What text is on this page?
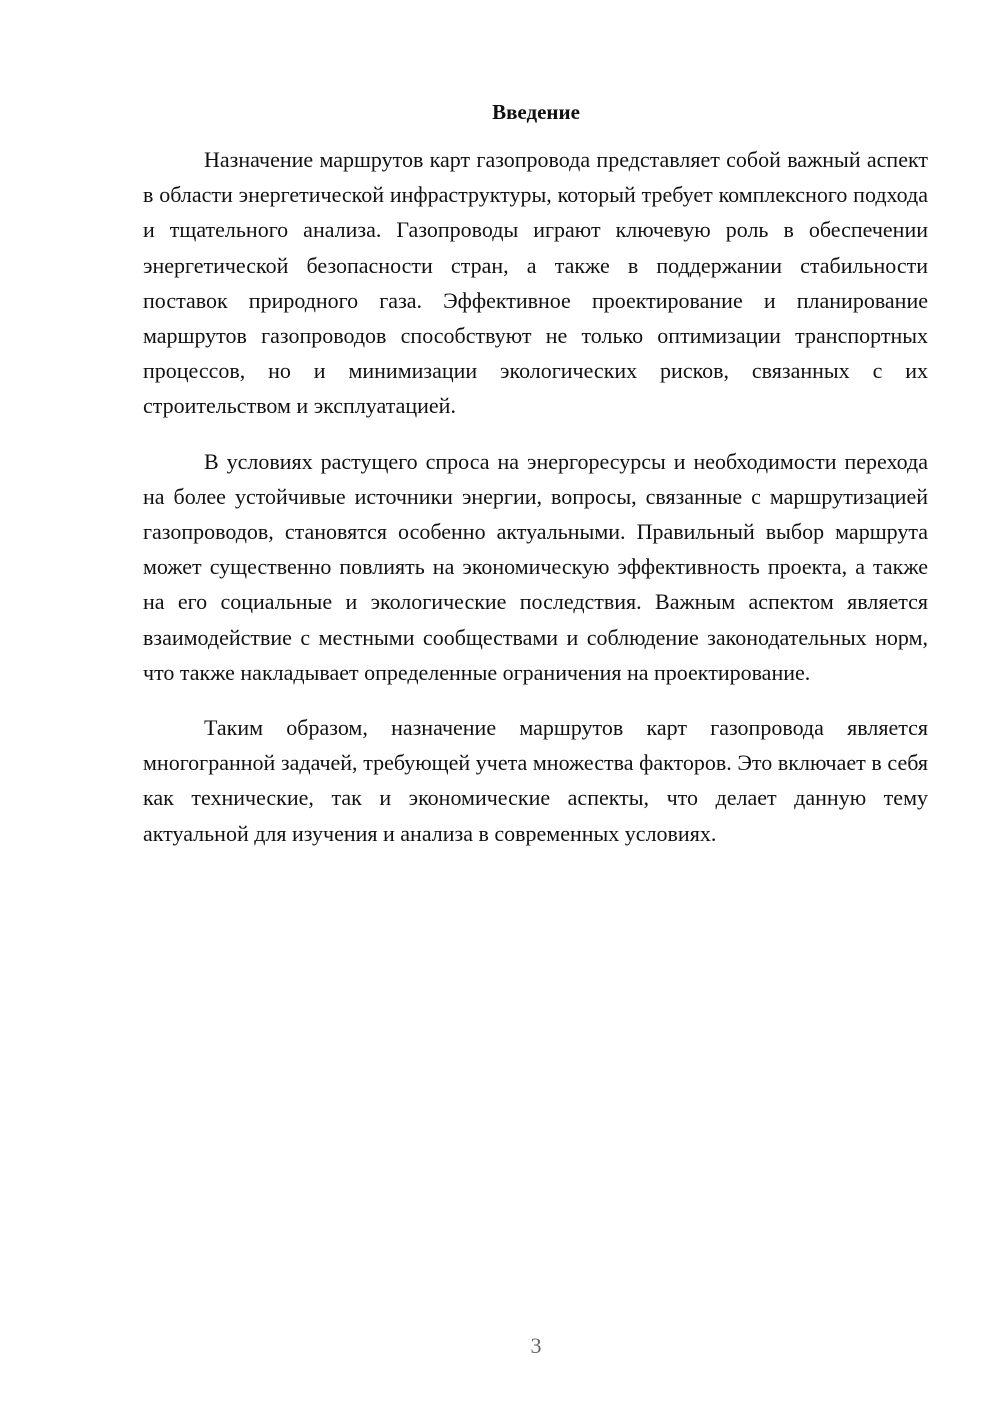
Введение

Назначение маршрутов карт газопровода представляет собой важный аспект в области энергетической инфраструктуры, который требует комплексного подхода и тщательного анализа. Газопроводы играют ключевую роль в обеспечении энергетической безопасности стран, а также в поддержании стабильности поставок природного газа. Эффективное проектирование и планирование маршрутов газопроводов способствуют не только оптимизации транспортных процессов, но и минимизации экологических рисков, связанных с их строительством и эксплуатацией.

В условиях растущего спроса на энергоресурсы и необходимости перехода на более устойчивые источники энергии, вопросы, связанные с маршрутизацией газопроводов, становятся особенно актуальными. Правильный выбор маршрута может существенно повлиять на экономическую эффективность проекта, а также на его социальные и экологические последствия. Важным аспектом является взаимодействие с местными сообществами и соблюдение законодательных норм, что также накладывает определенные ограничения на проектирование.

Таким образом, назначение маршрутов карт газопровода является многогранной задачей, требующей учета множества факторов. Это включает в себя как технические, так и экономические аспекты, что делает данную тему актуальной для изучения и анализа в современных условиях.

3
